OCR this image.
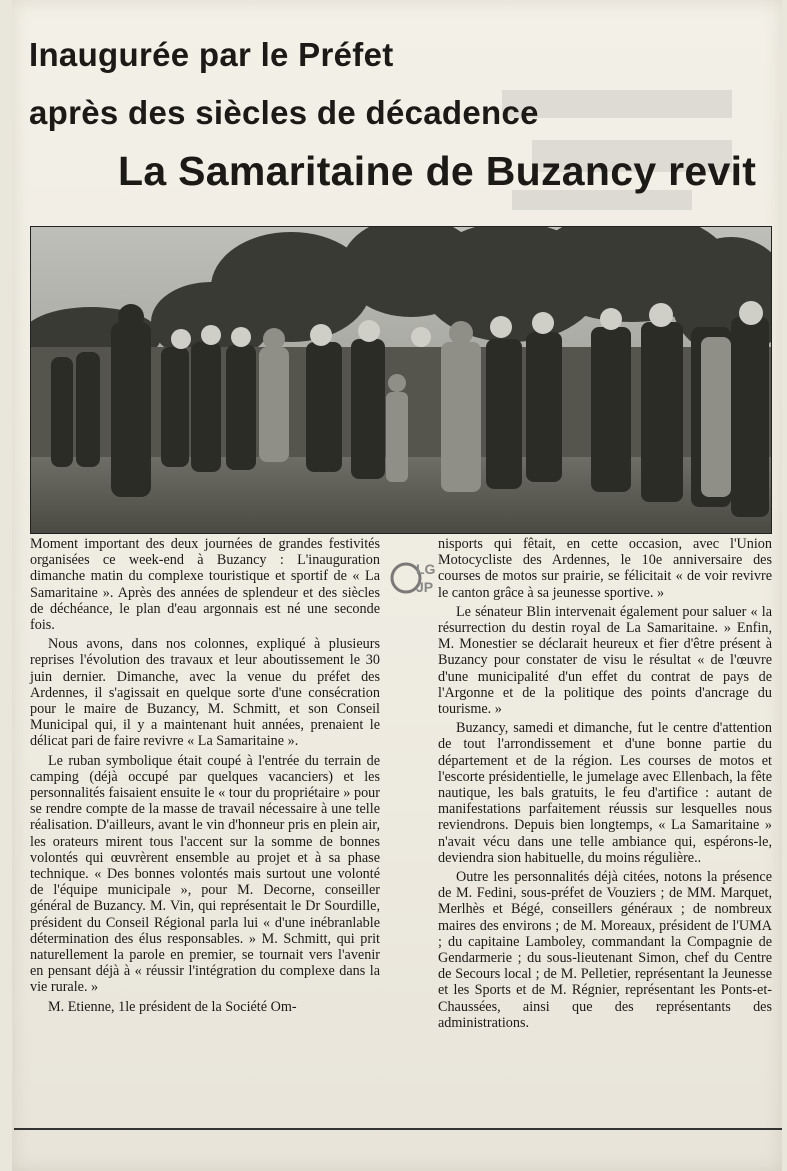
Inaugurée par le Préfet
après des siècles de décadence
La Samaritaine de Buzancy revit

Moment important des deux journées de grandes festivités organisées ce week-end à Buzancy : L'inauguration dimanche matin du complexe touristique et sportif de « La Samaritaine ». Après des années de splendeur et des siècles de déchéance, le plan d'eau argonnais est né une seconde fois.

Nous avons, dans nos colonnes, expliqué à plusieurs reprises l'évolution des travaux et leur aboutissement le 30 juin dernier. Dimanche, avec la venue du préfet des Ardennes, il s'agissait en quelque sorte d'une consécration pour le maire de Buzancy, M. Schmitt, et son Conseil Municipal qui, il y a maintenant huit années, prenaient le délicat pari de faire revivre « La Samaritaine ».

Le ruban symbolique était coupé à l'entrée du terrain de camping (déjà occupé par quelques vacanciers) et les personnalités faisaient ensuite le « tour du propriétaire » pour se rendre compte de la masse de travail nécessaire à une telle réalisation. D'ailleurs, avant le vin d'honneur pris en plein air, les orateurs mirent tous l'accent sur la somme de bonnes volontés qui œuvrèrent ensemble au projet et à sa phase technique. « Des bonnes volontés mais surtout une volonté de l'équipe municipale », pour M. Decorne, conseiller général de Buzancy. M. Vin, qui représentait le Dr Sourdille, président du Conseil Régional parla lui « d'une inébranlable détermination des élus responsables. » M. Schmitt, qui prit naturellement la parole en premier, se tournait vers l'avenir en pensant déjà à « réussir l'intégration du complexe dans la vie rurale. »

M. Etienne, 1le président de la Société Om-

nisports qui fêtait, en cette occasion, avec l'Union Motocycliste des Ardennes, le 10e anniversaire des courses de motos sur prairie, se félicitait « de voir revivre le canton grâce à sa jeunesse sportive. »

Le sénateur Blin intervenait également pour saluer « la résurrection du destin royal de La Samaritaine. » Enfin, M. Monestier se déclarait heureux et fier d'être présent à Buzancy pour constater de visu le résultat « de l'œuvre d'une municipalité d'un effet du contrat de pays de l'Argonne et de la politique des points d'ancrage du tourisme. »

Buzancy, samedi et dimanche, fut le centre d'attention de tout l'arrondissement et d'une bonne partie du département et de la région. Les courses de motos et l'escorte présidentielle, le jumelage avec Ellenbach, la fête nautique, les bals gratuits, le feu d'artifice : autant de manifestations parfaitement réussis sur lesquelles nous reviendrons. Depuis bien longtemps, « La Samaritaine » n'avait vécu dans une telle ambiance qui, espérons-le, deviendra sion habituelle, du moins régulière..

Outre les personnalités déjà citées, notons la présence de M. Fedini, sous-préfet de Vouziers ; de MM. Marquet, Merlhès et Bégé, conseillers généraux ; de nombreux maires des environs ; de M. Moreaux, président de l'UMA ; du capitaine Lamboley, commandant la Compagnie de Gendarmerie ; du sous-lieutenant Simon, chef du Centre de Secours local ; de M. Pelletier, représentant la Jeunesse et les Sports et de M. Régnier, représentant les Ponts-et-Chaussées, ainsi que des représentants des administrations.

LG
JP
